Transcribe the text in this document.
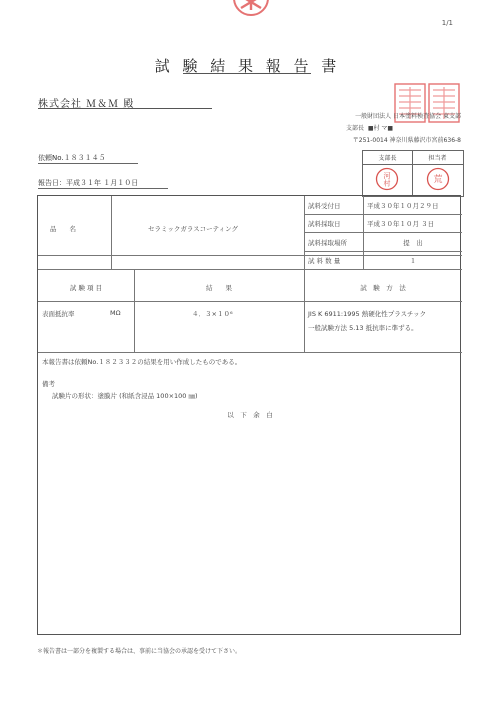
1/1
試 験 結 果 報 告 書
株式会社 Ｍ＆Ｍ 殿
一般財団法人 日本塗料検査協会 東支部
支部長 ■村 マ■
〒251-0014 神奈川県藤沢市宮前636-8
依頼No.１８３１４５
報告日：平成３１年 １月１０日
支部長	担当者
河
村	荒
品　　名	セラミックガラスコーティング
試料受付日	平成３０年１０月２９日
試料採取日	平成３０年１０月 ３日
試料採取場所	提　出
試 料 数 量	１
試 験 項 目	結　　果	試　験　方　法
表面抵抗率	MΩ	４．３×１０⁶	JIS K 6911:1995 熱硬化性プラスチック
一般試験方法 5.13 抵抗率に準ずる。
本報告書は依頼No.１８２３３２の結果を用い作成したものである。
備考
試験片の形状：塗膜片 (和紙含浸品 100×100 ㎜)
以　下　余　白
＊報告書は一部分を複製する場合は、事前に当協会の承認を受けて下さい。
